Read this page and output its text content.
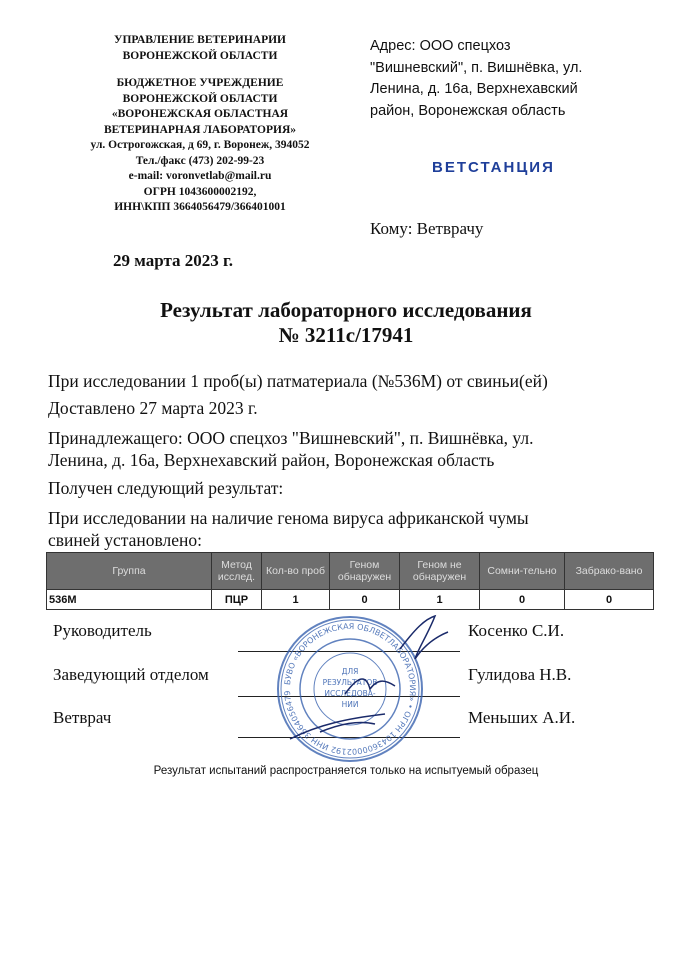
УПРАВЛЕНИЕ ВЕТЕРИНАРИИ
ВОРОНЕЖСКОЙ ОБЛАСТИ
БЮДЖЕТНОЕ УЧРЕЖДЕНИЕ
ВОРОНЕЖСКОЙ ОБЛАСТИ
«ВОРОНЕЖСКАЯ ОБЛАСТНАЯ
ВЕТЕРИНАРНАЯ ЛАБОРАТОРИЯ»
ул. Острогожская, д 69, г. Воронеж, 394052
Тел./факс (473) 202-99-23
e-mail: voronvetlab@mail.ru
ОГРН 1043600002192,
ИНН\КПП 3664056479/366401001
Адрес: ООО спецхоз
"Вишневский", п. Вишнёвка, ул.
Ленина, д. 16а, Верхнехавский
район, Воронежская область
ВЕТСТАНЦИЯ
Кому: Ветврачу
29 марта 2023 г.
Результат лабораторного исследования
№ 3211с/17941
При исследовании 1 проб(ы) патматериала (№536М) от свиньи(ей)
Доставлено 27 марта 2023 г.
Принадлежащего: ООО спецхоз "Вишневский", п. Вишнёвка, ул.
Ленина, д. 16а, Верхнехавский район, Воронежская область
Получен следующий результат:
При исследовании на наличие генома вируса африканской чумы
свиней установлено:
Группа	Метод исслед.	Кол-во проб	Геном обнаружен	Геном не обнаружен	Сомни-тельно	Забрако-вано
536М	ПЦР	1	0	1	0	0
Руководитель	Косенко С.И.
Заведующий отделом	Гулидова Н.В.
Ветврач	Меньших А.И.
БУВО «ВОРОНЕЖСКАЯ ОБЛВЕТЛАБОРАТОРИЯ» • ОГРН 1043600002192 ИНН 3664056479
ДЛЯ
РЕЗУЛЬТАТОВ
ИССЛЕДОВА-
НИИ
Результат испытаний распространяется только на испытуемый образец
